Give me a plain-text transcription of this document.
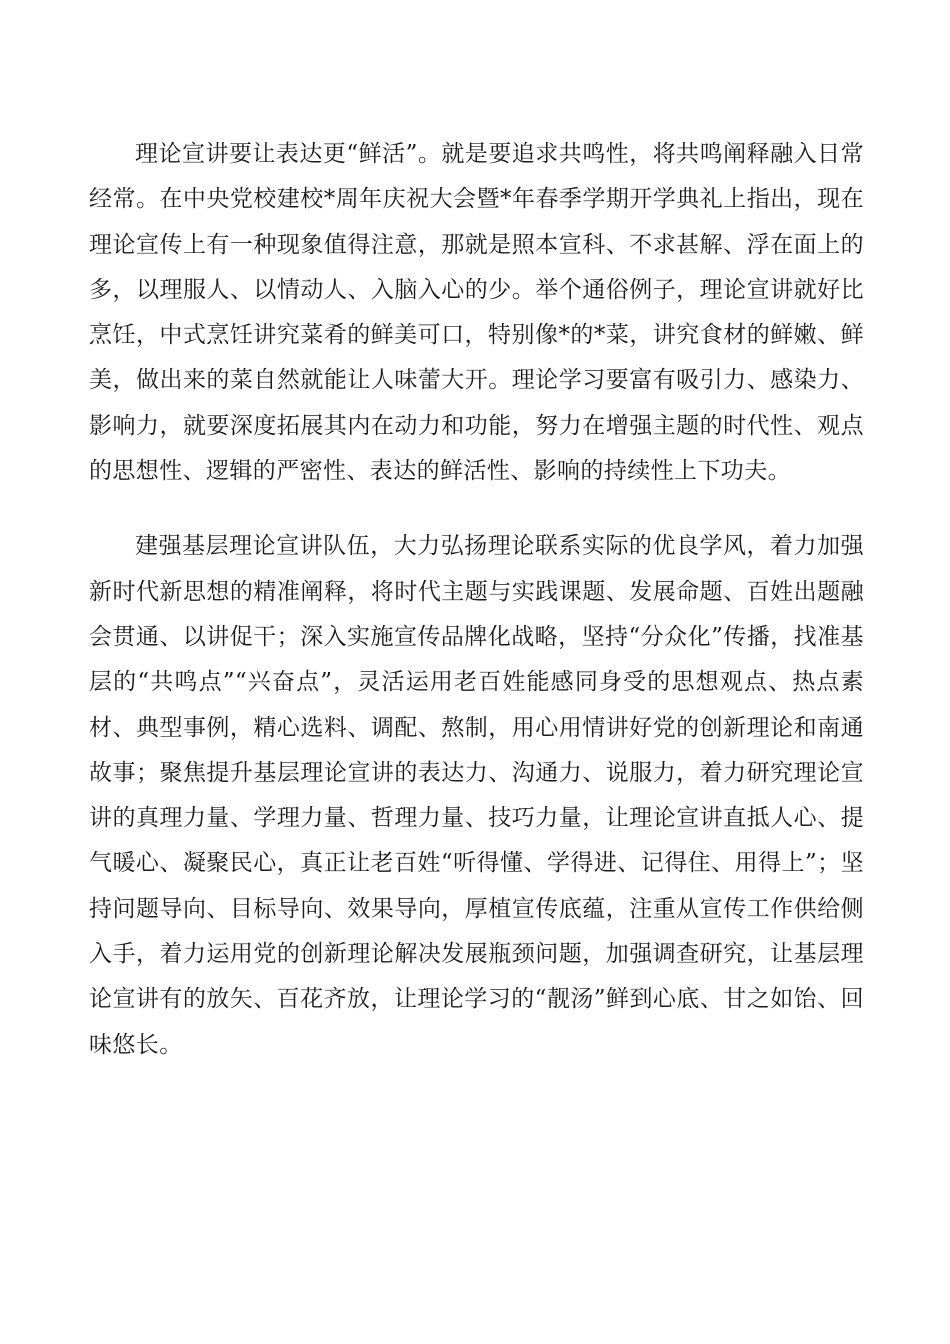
理论宣讲要让表达更“鲜活”。就是要追求共鸣性，将共鸣阐释融入日常经常。在中央党校建校*周年庆祝大会暨*年春季学期开学典礼上指出，现在理论宣传上有一种现象值得注意，那就是照本宣科、不求甚解、浮在面上的多，以理服人、以情动人、入脑入心的少。举个通俗例子，理论宣讲就好比烹饪，中式烹饪讲究菜肴的鲜美可口，特别像*的*菜，讲究食材的鲜嫩、鲜美，做出来的菜自然就能让人味蕾大开。理论学习要富有吸引力、感染力、影响力，就要深度拓展其内在动力和功能，努力在增强主题的时代性、观点的思想性、逻辑的严密性、表达的鲜活性、影响的持续性上下功夫。

建强基层理论宣讲队伍，大力弘扬理论联系实际的优良学风，着力加强新时代新思想的精准阐释，将时代主题与实践课题、发展命题、百姓出题融会贯通、以讲促干；深入实施宣传品牌化战略，坚持“分众化”传播，找准基层的“共鸣点”“兴奋点”，灵活运用老百姓能感同身受的思想观点、热点素材、典型事例，精心选料、调配、熬制，用心用情讲好党的创新理论和南通故事；聚焦提升基层理论宣讲的表达力、沟通力、说服力，着力研究理论宣讲的真理力量、学理力量、哲理力量、技巧力量，让理论宣讲直抵人心、提气暖心、凝聚民心，真正让老百姓“听得懂、学得进、记得住、用得上”；坚持问题导向、目标导向、效果导向，厚植宣传底蕴，注重从宣传工作供给侧入手，着力运用党的创新理论解决发展瓶颈问题，加强调查研究，让基层理论宣讲有的放矢、百花齐放，让理论学习的“靓汤”鲜到心底、甘之如饴、回味悠长。
